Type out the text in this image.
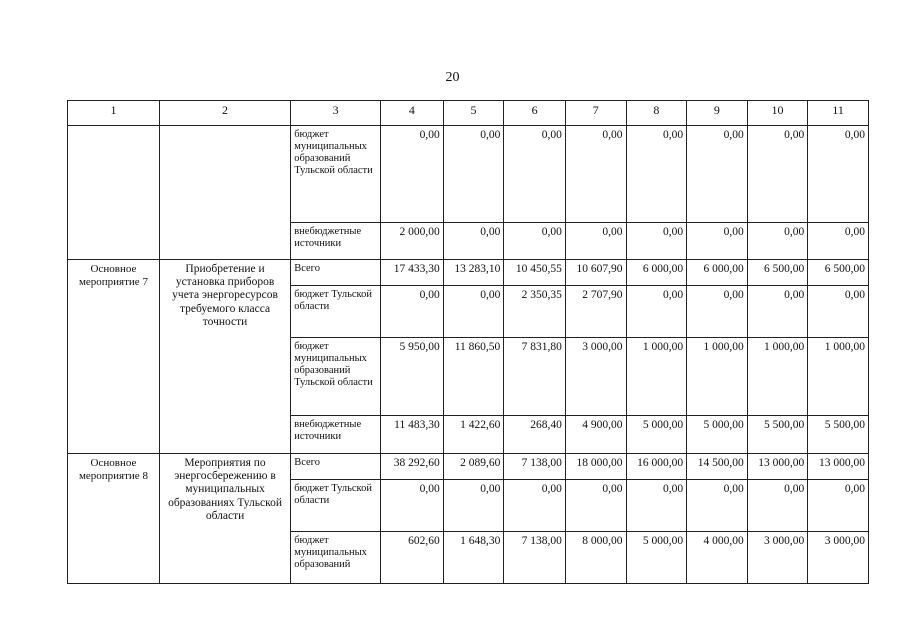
20
1	2	3	4	5	6	7	8	9	10	11
		бюджет муниципальных образований Тульской области	0,00	0,00	0,00	0,00	0,00	0,00	0,00	0,00
		внебюджетные источники	2 000,00	0,00	0,00	0,00	0,00	0,00	0,00	0,00
Основное мероприятие 7	Приобретение и установка приборов учета энергоресурсов требуемого класса точности	Всего	17 433,30	13 283,10	10 450,55	10 607,90	6 000,00	6 000,00	6 500,00	6 500,00
		бюджет Тульской области	0,00	0,00	2 350,35	2 707,90	0,00	0,00	0,00	0,00
		бюджет муниципальных образований Тульской области	5 950,00	11 860,50	7 831,80	3 000,00	1 000,00	1 000,00	1 000,00	1 000,00
		внебюджетные источники	11 483,30	1 422,60	268,40	4 900,00	5 000,00	5 000,00	5 500,00	5 500,00
Основное мероприятие 8	Мероприятия по энергосбережению в муниципальных образованиях Тульской области	Всего	38 292,60	2 089,60	7 138,00	18 000,00	16 000,00	14 500,00	13 000,00	13 000,00
		бюджет Тульской области	0,00	0,00	0,00	0,00	0,00	0,00	0,00	0,00
		бюджет муниципальных образований	602,60	1 648,30	7 138,00	8 000,00	5 000,00	4 000,00	3 000,00	3 000,00
